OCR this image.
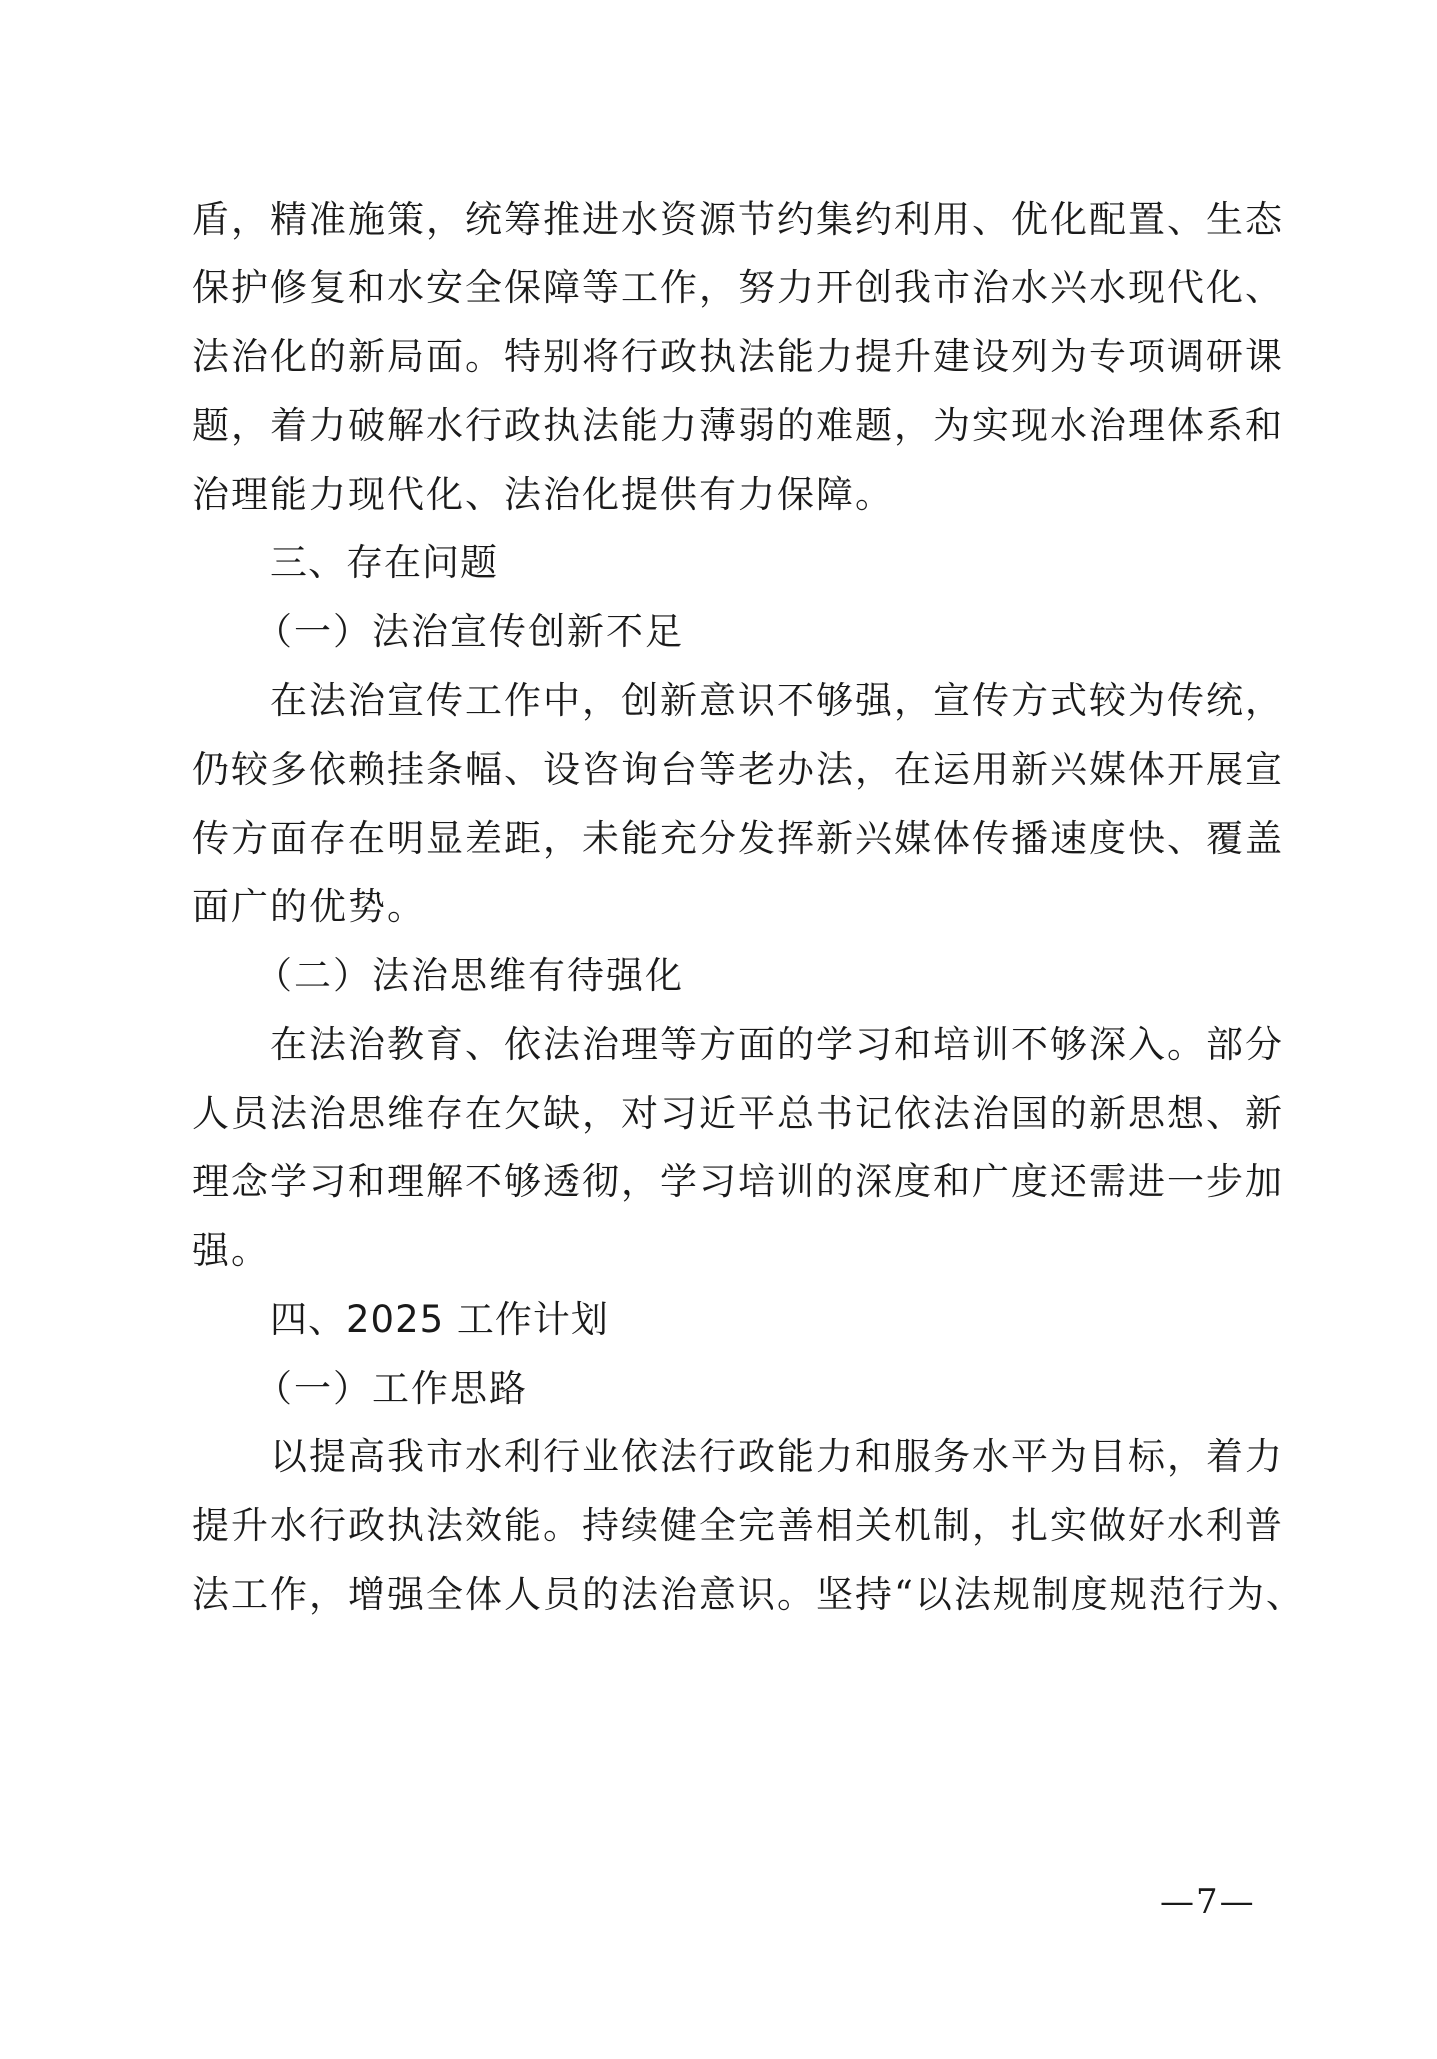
盾，精准施策，统筹推进水资源节约集约利用、优化配置、生态
保护修复和水安全保障等工作，努力开创我市治水兴水现代化、
法治化的新局面。特别将行政执法能力提升建设列为专项调研课
题，着力破解水行政执法能力薄弱的难题，为实现水治理体系和
治理能力现代化、法治化提供有力保障。
三、存在问题
（一）法治宣传创新不足
在法治宣传工作中，创新意识不够强，宣传方式较为传统，
仍较多依赖挂条幅、设咨询台等老办法，在运用新兴媒体开展宣
传方面存在明显差距，未能充分发挥新兴媒体传播速度快、覆盖
面广的优势。
（二）法治思维有待强化
在法治教育、依法治理等方面的学习和培训不够深入。部分
人员法治思维存在欠缺，对习近平总书记依法治国的新思想、新
理念学习和理解不够透彻，学习培训的深度和广度还需进一步加
强。
四、2025 工作计划
（一）工作思路
以提高我市水利行业依法行政能力和服务水平为目标，着力
提升水行政执法效能。持续健全完善相关机制，扎实做好水利普
法工作，增强全体人员的法治意识。坚持“以法规制度规范行为、
—7—
